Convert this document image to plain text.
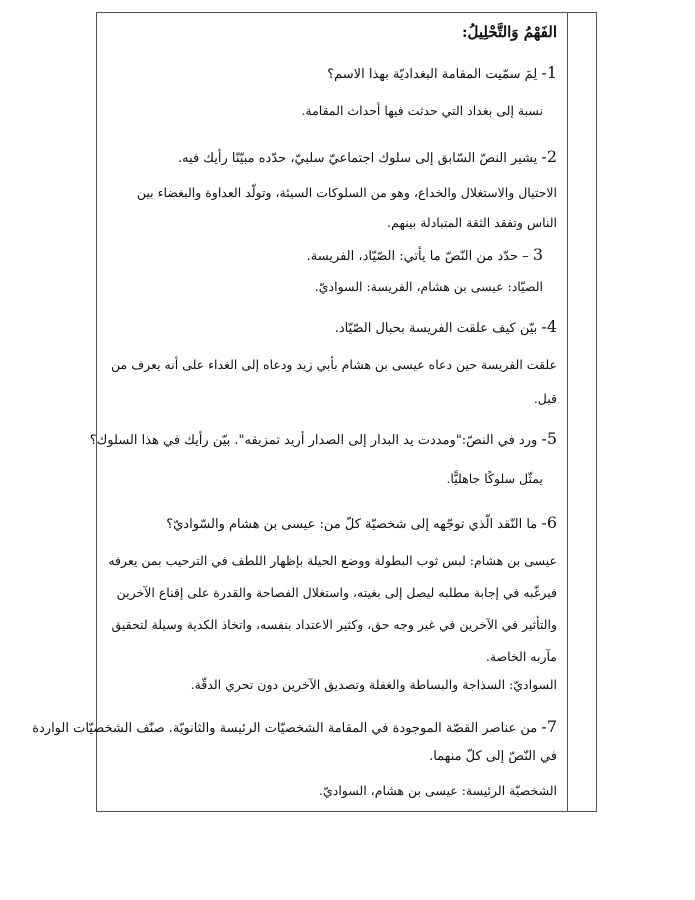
الفَهْمُ وَالتَّحْلِيلُ:
1- لِمَ سمّيت المقامة البغداديّة بهذا الاسم؟
نسبة إلى بغداد التي حدثت فيها أحداث المقامة.
2- يشير النصّ السّابق إلى سلوك اجتماعيّ سلبيّ، حدّده مبيّنًا رأيك فيه.
الاحتيال والاستغلال والخداع، وهو من السلوكات السيئة، وتولّد العداوة والبغضاء بين
الناس وتفقد الثقة المتبادلة بينهم.
3 – حدّد من النّصّ ما يأتي: الصّيّاد، الفريسة.
الصيّاد: عيسى بن هشام، الفريسة: السواديّ.
4- بيّن كيف علقت الفريسة بحبال الصّيّاد.
علقت الفريسة حين دعاه عيسى بن هشام بأبي زيد ودعاه إلى الغداء على أنه يعرف من
قبل.
5- ورد في النصّ:"ومددت يد البدار إلى الصدار أريد تمزيقه". بيّن رأيك في هذا السلوك؟
يمثّل سلوكًا جاهليًّا.
6- ما النّقد الّذي توجّهه إلى شخصيّة كلّ من: عيسى بن هشام والسّواديّ؟
عيسى بن هشام: لبس ثوب البطولة ووضع الحيلة بإظهار اللطف في الترحيب بمن يعرفه
فيرغّبه في إجابة مطلبه ليصل إلى بغيته، واستغلال الفصاحة والقدرة على إقناع الآخرين
والتأثير في الآخرين في غير وجه حق، وكثير الاعتداد بنفسه، واتخاذ الكدية وسيلة لتحقيق
مآربه الخاصة.
السواديّ: السذاجة والبساطة والغفلة وتصديق الآخرين دون تحري الدقّة.
7- من عناصر القصّة الموجودة في المقامة الشخصيّات الرئيسة والثانويّة. صنّف الشخصيّات الواردة
في النّصّ إلى كلّ منهما.
الشخصيّة الرئيسة: عيسى بن هشام، السواديّ.
